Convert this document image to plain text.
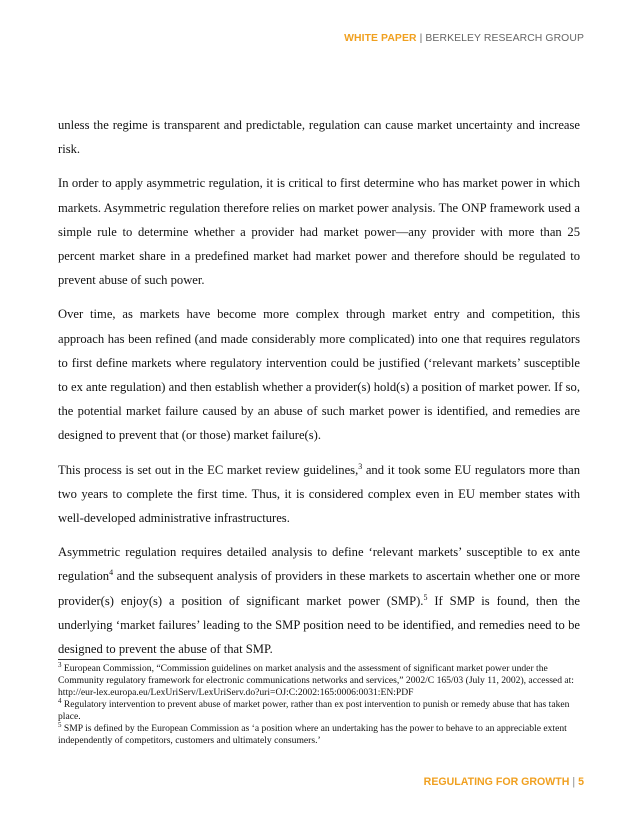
WHITE PAPER | BERKELEY RESEARCH GROUP

unless the regime is transparent and predictable, regulation can cause market uncertainty and increase risk.

In order to apply asymmetric regulation, it is critical to first determine who has market power in which markets. Asymmetric regulation therefore relies on market power analysis. The ONP framework used a simple rule to determine whether a provider had market power—any provider with more than 25 percent market share in a predefined market had market power and therefore should be regulated to prevent abuse of such power.

Over time, as markets have become more complex through market entry and competition, this approach has been refined (and made considerably more complicated) into one that requires regulators to first define markets where regulatory intervention could be justified (‘relevant markets’ susceptible to ex ante regulation) and then establish whether a provider(s) hold(s) a position of market power. If so, the potential market failure caused by an abuse of such market power is identified, and remedies are designed to prevent that (or those) market failure(s).

This process is set out in the EC market review guidelines,$^3$ and it took some EU regulators more than two years to complete the first time. Thus, it is considered complex even in EU member states with well-developed administrative infrastructures.

Asymmetric regulation requires detailed analysis to define ‘relevant markets’ susceptible to ex ante regulation$^4$ and the subsequent analysis of providers in these markets to ascertain whether one or more provider(s) enjoy(s) a position of significant market power (SMP).$^5$ If SMP is found, then the underlying ‘market failures’ leading to the SMP position need to be identified, and remedies need to be designed to prevent the abuse of that SMP.

$^3$ European Commission, “Commission guidelines on market analysis and the assessment of significant market power under the Community regulatory framework for electronic communications networks and services,” 2002/C 165/03 (July 11, 2002), accessed at: http://eur-lex.europa.eu/LexUriServ/LexUriServ.do?uri=OJ:C:2002:165:0006:0031:EN:PDF

$^4$ Regulatory intervention to prevent abuse of market power, rather than ex post intervention to punish or remedy abuse that has taken place.

$^5$ SMP is defined by the European Commission as ‘a position where an undertaking has the power to behave to an appreciable extent independently of competitors, customers and ultimately consumers.’

REGULATING FOR GROWTH | 5
